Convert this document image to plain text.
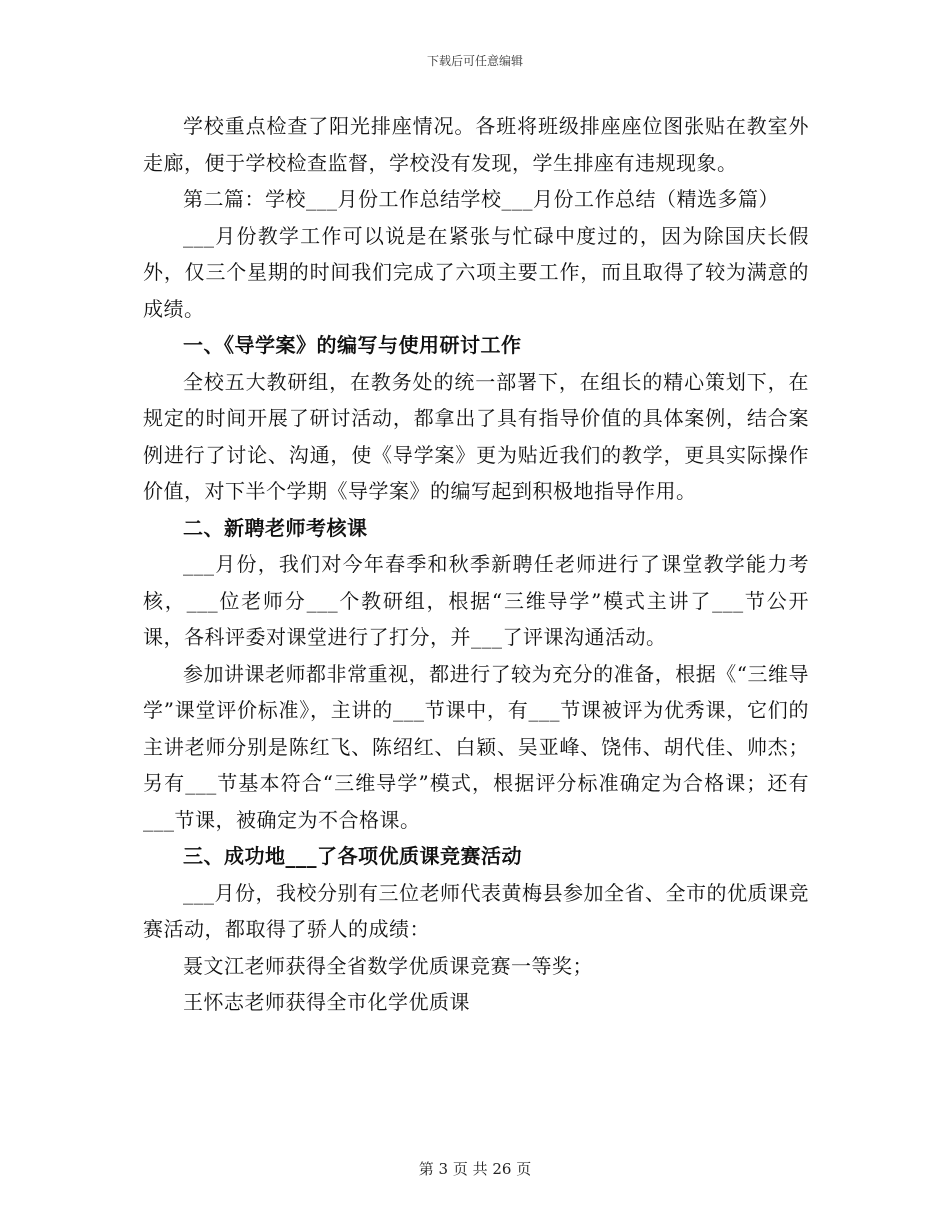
下载后可任意编辑

学校重点检查了阳光排座情况。各班将班级排座座位图张贴在教室外走廊，便于学校检查监督，学校没有发现，学生排座有违规现象。

第二篇：学校___月份工作总结学校___月份工作总结（精选多篇）

___月份教学工作可以说是在紧张与忙碌中度过的，因为除国庆长假外，仅三个星期的时间我们完成了六项主要工作，而且取得了较为满意的成绩。

一、《导学案》的编写与使用研讨工作

全校五大教研组，在教务处的统一部署下，在组长的精心策划下，在规定的时间开展了研讨活动，都拿出了具有指导价值的具体案例，结合案例进行了讨论、沟通，使《导学案》更为贴近我们的教学，更具实际操作价值，对下半个学期《导学案》的编写起到积极地指导作用。

二、新聘老师考核课

___月份，我们对今年春季和秋季新聘任老师进行了课堂教学能力考核，___位老师分___个教研组，根据“三维导学”模式主讲了___节公开课，各科评委对课堂进行了打分，并___了评课沟通活动。

参加讲课老师都非常重视，都进行了较为充分的准备，根据《“三维导学”课堂评价标准》，主讲的___节课中，有___节课被评为优秀课，它们的主讲老师分别是陈红飞、陈绍红、白颖、吴亚峰、饶伟、胡代佳、帅杰；另有___节基本符合“三维导学”模式，根据评分标准确定为合格课；还有___节课，被确定为不合格课。

三、成功地___了各项优质课竞赛活动

___月份，我校分别有三位老师代表黄梅县参加全省、全市的优质课竞赛活动，都取得了骄人的成绩：

聂文江老师获得全省数学优质课竞赛一等奖；

王怀志老师获得全市化学优质课

第 3 页 共 26 页
